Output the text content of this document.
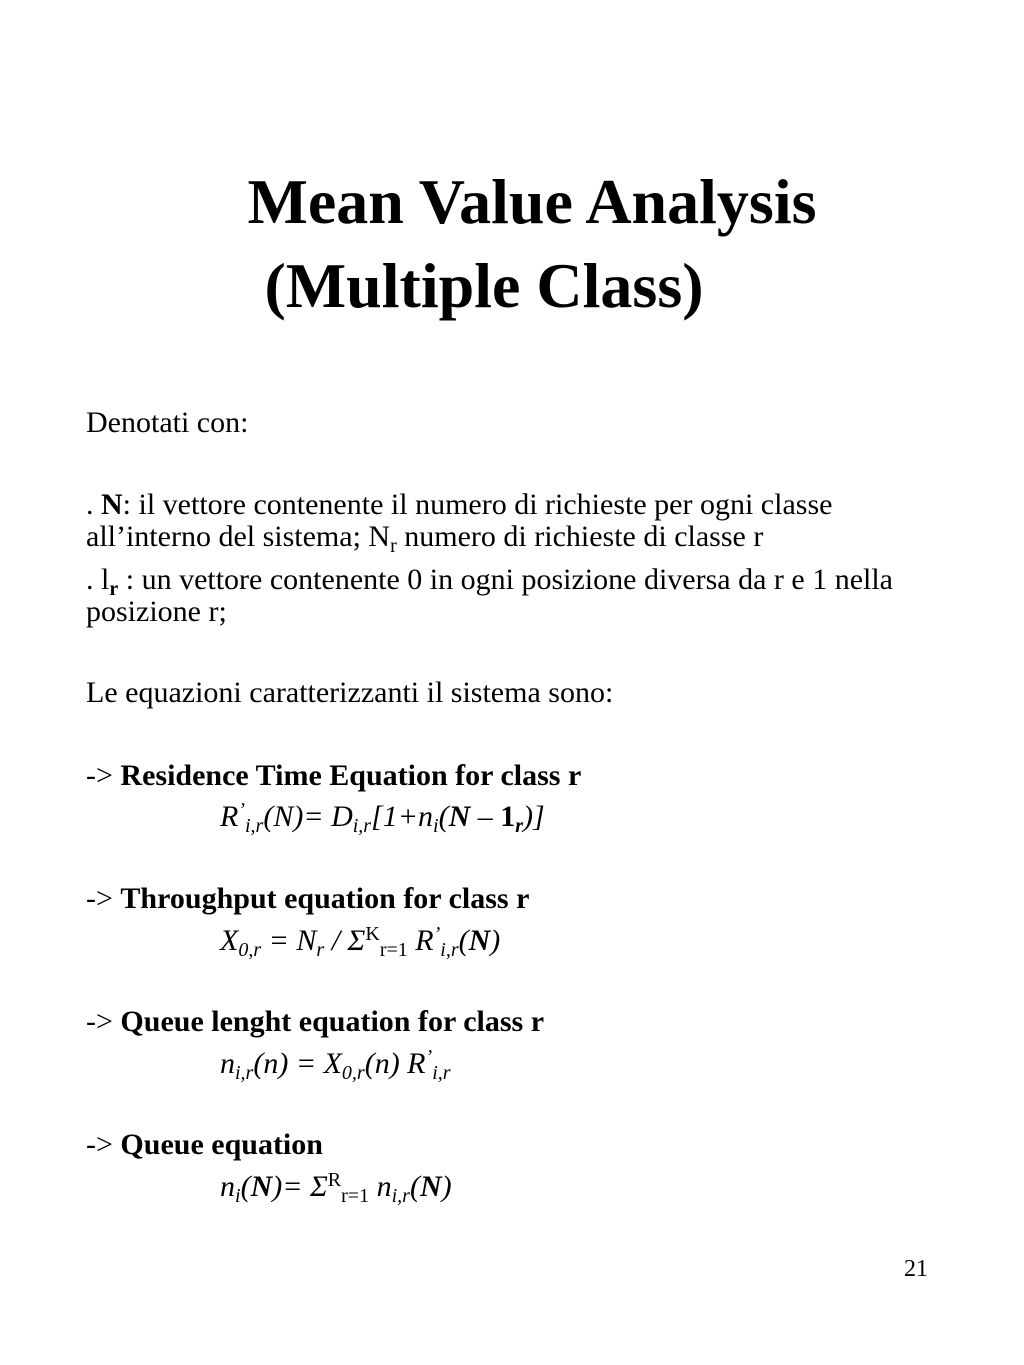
Mean Value Analysis
(Multiple Class)
Denotati con:
. N: il vettore contenente il numero di richieste per ogni classe all’interno del sistema; $N_r$ numero di richieste di classe r
. $l_r$ : un vettore contenente 0 in ogni posizione diversa da r e 1 nella posizione r;
Le equazioni caratterizzanti il sistema sono:
-> Residence Time Equation for class r
$R^’_{i,r}(N)= D_{i,r}[1+n_i(N - 1_r)]$
-> Throughput equation for class r
$X_{0,r} = N_r / \Sigma^K_{r=1}$ $R^’_{i,r}(N)$
-> Queue lenght equation for class r
$n_{i,r}(n) = X_{0,r}(n)$ $R^’_{i,r}$
-> Queue equation
$n_i(N)= \Sigma^R_{r=1}$ $n_{i,r}(N)$
21
